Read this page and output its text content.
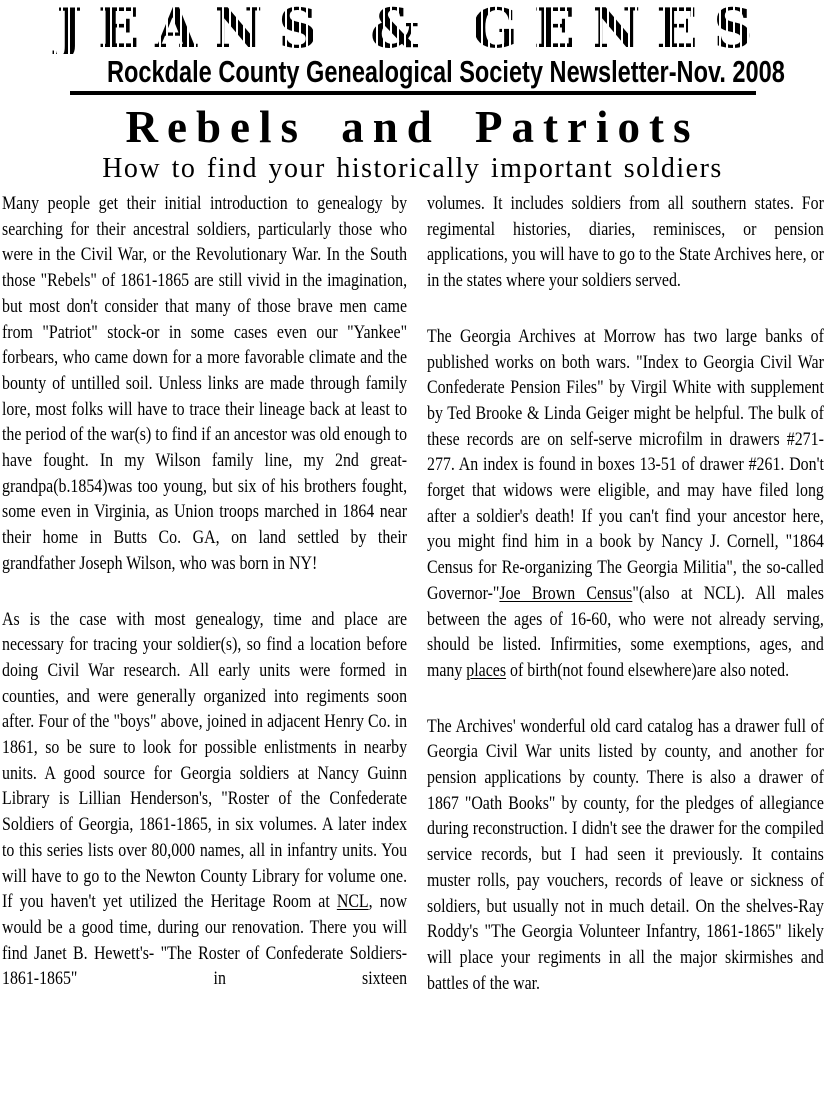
JEANS & GENES
Rockdale County Genealogical Society Newsletter-Nov. 2008
Rebels and Patriots
How to find your historically important soldiers

Many people get their initial introduction to genealogy by searching for their ancestral soldiers, particularly those who were in the Civil War, or the Revolutionary War. In the South those "Rebels" of 1861-1865 are still vivid in the imagination, but most don't consider that many of those brave men came from "Patriot" stock-or in some cases even our "Yankee" forbears, who came down for a more favorable climate and the bounty of untilled soil. Unless links are made through family lore, most folks will have to trace their lineage back at least to the period of the war(s) to find if an ancestor was old enough to have fought. In my Wilson family line, my 2nd great-grandpa(b.1854)was too young, but six of his brothers fought, some even in Virginia, as Union troops marched in 1864 near their home in Butts Co. GA, on land settled by their grandfather Joseph Wilson, who was born in NY!

As is the case with most genealogy, time and place are necessary for tracing your soldier(s), so find a location before doing Civil War research. All early units were formed in counties, and were generally organized into regiments soon after. Four of the "boys" above, joined in adjacent Henry Co. in 1861, so be sure to look for possible enlistments in nearby units. A good source for Georgia soldiers at Nancy Guinn Library is Lillian Henderson's, "Roster of the Confederate Soldiers of Georgia, 1861-1865, in six volumes. A later index to this series lists over 80,000 names, all in infantry units. You will have to go to the Newton County Library for volume one. If you haven't yet utilized the Heritage Room at NCL, now would be a good time, during our renovation. There you will find Janet B. Hewett's- "The Roster of Confederate Soldiers-1861-1865" in sixteen

volumes. It includes soldiers from all southern states. For regimental histories, diaries, reminisces, or pension applications, you will have to go to the State Archives here, or in the states where your soldiers served.

The Georgia Archives at Morrow has two large banks of published works on both wars. "Index to Georgia Civil War Confederate Pension Files" by Virgil White with supplement by Ted Brooke & Linda Geiger might be helpful. The bulk of these records are on self-serve microfilm in drawers #271-277. An index is found in boxes 13-51 of drawer #261. Don't forget that widows were eligible, and may have filed long after a soldier's death! If you can't find your ancestor here, you might find him in a book by Nancy J. Cornell, "1864 Census for Re-organizing The Georgia Militia", the so-called Governor-"Joe Brown Census"(also at NCL). All males between the ages of 16-60, who were not already serving, should be listed. Infirmities, some exemptions, ages, and many places of birth(not found elsewhere)are also noted.

The Archives' wonderful old card catalog has a drawer full of Georgia Civil War units listed by county, and another for pension applications by county. There is also a drawer of 1867 "Oath Books" by county, for the pledges of allegiance during reconstruction. I didn't see the drawer for the compiled service records, but I had seen it previously. It contains muster rolls, pay vouchers, records of leave or sickness of soldiers, but usually not in much detail. On the shelves-Ray Roddy's "The Georgia Volunteer Infantry, 1861-1865" likely will place your regiments in all the major skirmishes and battles of the war.
